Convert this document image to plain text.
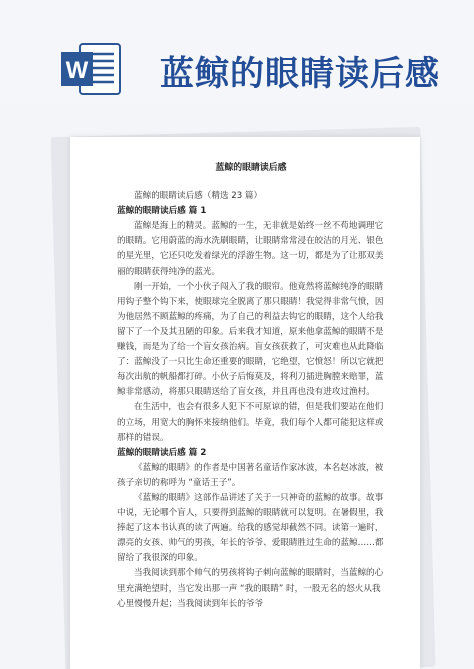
W 蓝鲸的眼睛读后感
蓝鲸的眼睛读后感
蓝鲸的眼睛读后感（精选 23 篇）
蓝鲸的眼睛读后感 篇 1

蓝鲸是海上的精灵。蓝鲸的一生，无非就是始终一丝不苟地调理它的眼睛。它用蔚蓝的海水洗刷眼睛，让眼睛常常浸在皎洁的月光、银色的星光里，它还只吃发着绿光的浮游生物。这一切，都是为了让那双美丽的眼睛获得纯净的蓝光。

刚一开始，一个小伙子闯入了我的眼帘。他竟然将蓝鲸纯净的眼睛用钩子整个钩下来，使眼球完全脱离了那只眼睛！我觉得非常气愤，因为他居然不顾蓝鲸的疼痛，为了自己的利益去钩它的眼睛，这个人给我留下了一个及其丑陋的印象。后来我才知道，原来他拿蓝鲸的眼睛不是赚钱，而是为了给一个盲女孩治病。盲女孩获救了，可灾难也从此降临了：蓝鲸没了一只比生命还重要的眼睛，它绝望，它愤怒！所以它就把每次出航的帆船都打碎。小伙子后悔莫及，将利刀插进胸膛来赔罪，蓝鲸非常感动，将那只眼睛送给了盲女孩，并且再也没有进攻过渔村。

在生活中，也会有很多人犯下不可原谅的错，但是我们要站在他们的立场，用宽大的胸怀来接纳他们。毕竟，我们每个人都可能犯这样或那样的错误。

蓝鲸的眼睛读后感 篇 2

《蓝鲸的眼睛》的作者是中国著名童话作家冰波，本名赵冰波，被孩子亲切的称呼为 “童话王子”。

《蓝鲸的眼睛》这部作品讲述了关于一只神奇的蓝鲸的故事。故事中说，无论哪个盲人，只要得到蓝鲸的眼睛就可以复明。在暑假里，我捧起了这本书认真的读了两遍。给我的感觉却截然不同。读第一遍时，漂亮的女孩、帅气的男孩，年长的爷爷、爱眼睛胜过生命的蓝鲸……都留给了我很深的印象。

当我阅读到那个帅气的男孩将钩子刺向蓝鲸的眼睛时，当蓝鲸的心里充满绝望时，当它发出那一声 “我的眼睛” 时，一股无名的怒火从我心里慢慢升起；当我阅读到年长的爷爷
